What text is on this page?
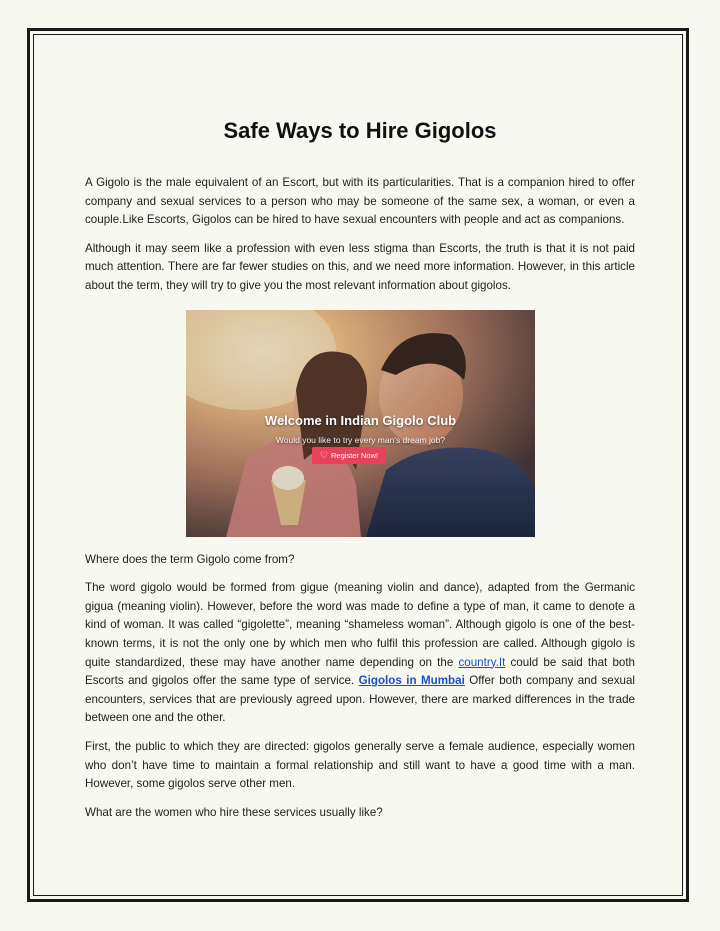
Safe Ways to Hire Gigolos

A Gigolo is the male equivalent of an Escort, but with its particularities. That is a companion hired to offer company and sexual services to a person who may be someone of the same sex, a woman, or even a couple.Like Escorts, Gigolos can be hired to have sexual encounters with people and act as companions.

Although it may seem like a profession with even less stigma than Escorts, the truth is that it is not paid much attention. There are far fewer studies on this, and we need more information. However, in this article about the term, they will try to give you the most relevant information about gigolos.

Welcome in Indian Gigolo Club
Would you like to try every man's dream job?
♡ Register Now!

Where does the term Gigolo come from?

The word gigolo would be formed from gigue (meaning violin and dance), adapted from the Germanic gigua (meaning violin). However, before the word was made to define a type of man, it came to denote a kind of woman. It was called “gigolette”, meaning “shameless woman”. Although gigolo is one of the best-known terms, it is not the only one by which men who fulfil this profession are called. Although gigolo is quite standardized, these may have another name depending on the country.It could be said that both Escorts and gigolos offer the same type of service. Gigolos in Mumbai Offer both company and sexual encounters, services that are previously agreed upon. However, there are marked differences in the trade between one and the other.

First, the public to which they are directed: gigolos generally serve a female audience, especially women who don’t have time to maintain a formal relationship and still want to have a good time with a man. However, some gigolos serve other men.

What are the women who hire these services usually like?
